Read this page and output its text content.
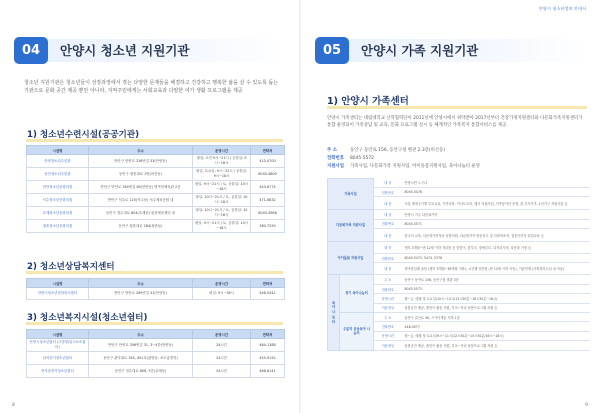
04	안양시 청소년 지원기관

청소년 지원기관은 청소년들이 성장과정에서 겪는 다양한 문제들을 해결하고 건강하고 행복한 삶을 살 수 있도록 돕는 기관으로 문화 공간 제공 뿐만 아니라, 지역주민에게는 사회교육과 다양한 여가 생활 프로그램을 제공

1) 청소년수련시설(공공기관)
시설명	주소	운영시간	연락처
안양청소년수련관	만안구 안양로 316번길 33(안양동)	평일: 오전 9시~21시 / 공휴일: 9시~18시	410-4700
동안청소년수련관	동안구 평촌대로 1번(비산동)	평일, 토요일: 9시~22시 / 공휴일: 9시~18시	8045-4800
만안청소년문화의집	만안구 만안로 264번길 80(안양동) 병목안체육관 2층	평일: 9시~21시 / 토, 공휴일: 10시~18시	443-6774
석수청소년문화의집	만안구 석수로 125(석수동) 석수체육공원 내	평일: 10시~21시 / 토, 공휴일: 10시~18시	471-6832
호계청소년문화의집	동안구 경수대로 604(호계동) 평촌체육센터 내	평일: 10시~21시 / 토, 공휴일: 10시~18시	8045-4966
평촌청소년문화의집	동안구 평촌대로 284(평촌동)	평일: 9시~21시 / 토, 공휴일: 10시~18시	380-7250
2) 청소년상담복지센터
시설명	주소	운영시간	연락처
안양시청소년상담복지센터	만안구 만안로 269번길 31(안양동)	평일: 9시~18시	446-0342
3) 청소년복지시설(청소년쉼터)
시설명	주소	운영시간	연락처
안양시청소년쉼터 (고정형/일시보호쉼터)	만안구 안양로 356번길 31, 3~4층(안양동)	24시간	464-1388
남자중기청소년쉼터	동안구 관악대로 345, 401호(관양동, 코오롱빌딩)	24시간	455-9152
여자중장기청소년쉼터	동안구 경수대로 606, 5층(호계동)	24시간	468-6141
8
안양시 청소년정보 안내서
05	안양시 가족 지원기관
1) 안양시 가족센터

안양시 가족센터는 대림대학교 산학협력단이 2011년에 안양시에서 위탁받아 2017년부터 건강가정지원센터와 다문화가족지원센터가 통합 운영되어 가족상담 및 교육, 문화 프로그램 실시 등 체계적인 가족복지 통합서비스를 제공.

주 소	동안구 동안로 156, 동안구청 별관 2.3층(비산동)
전화번호	8045-5572
지원사업	가족사업, 다문화가족 지원사업, 아이돌봄지원사업, 육아나눔터 운영
가족사업		대 상	안양시민 누구나
		전화번호	8045-5478
		내 용	이혼 생애주기별 부모교육, 가족상담, 가사도우미, 행사 지원사업, 가족봉사단 운영, 한 부모가족, 1인가구 지원사업 등
다문화가족 지원사업		대 상	안양시 거주 다문화가족
		전화번호	8045-5571
		내 용	한국어 교육, 다문화가족자녀 성장지원, 다문화가족 방문지도 및 사회적조직, 결혼이민자 취업교육 등
아이돌봄 지원사업		대 상	생후 3개월~만 12세 이하 자녀를 둔 맞벌이, 한부모, 장애부모, 다자녀가정, 다문화 가정 등
		전화번호	8045-5473, 5474, 5376
		내 용	영아종일제 돌봄 (생후 3개월~36개월 이하), 시간제 일반형 (만 12세 이하 아동), 기관연계 (사회복지시설 내 아동)
육아나눔터	경기 육아나눔터	주 소	동안구 동안로 156, 동안구청 별관 3층
		전화번호	8045-5573
		운영시간	월~금, 매월 첫 토요일(10시~13시/13시30분~16시30분~18시)
		이용대상	돌봄공간 제공, 품앗이 활동 지원, 부모~자녀 돌봄프로그램 지원 등
	우분지 공동육아 나눔터	주 소	동안구 갈산로 56, 스카이캐슬 지하 1층
		전화번호	448-4577
		운영시간	월~금, 매월 첫 토요일(9시~11시/12시30분~15시30분/16시~18시)
		이용대상	돌봄공간 제공, 품앗이 활동 지원, 부모~자녀 돌봄프로그램 지원 등
9
